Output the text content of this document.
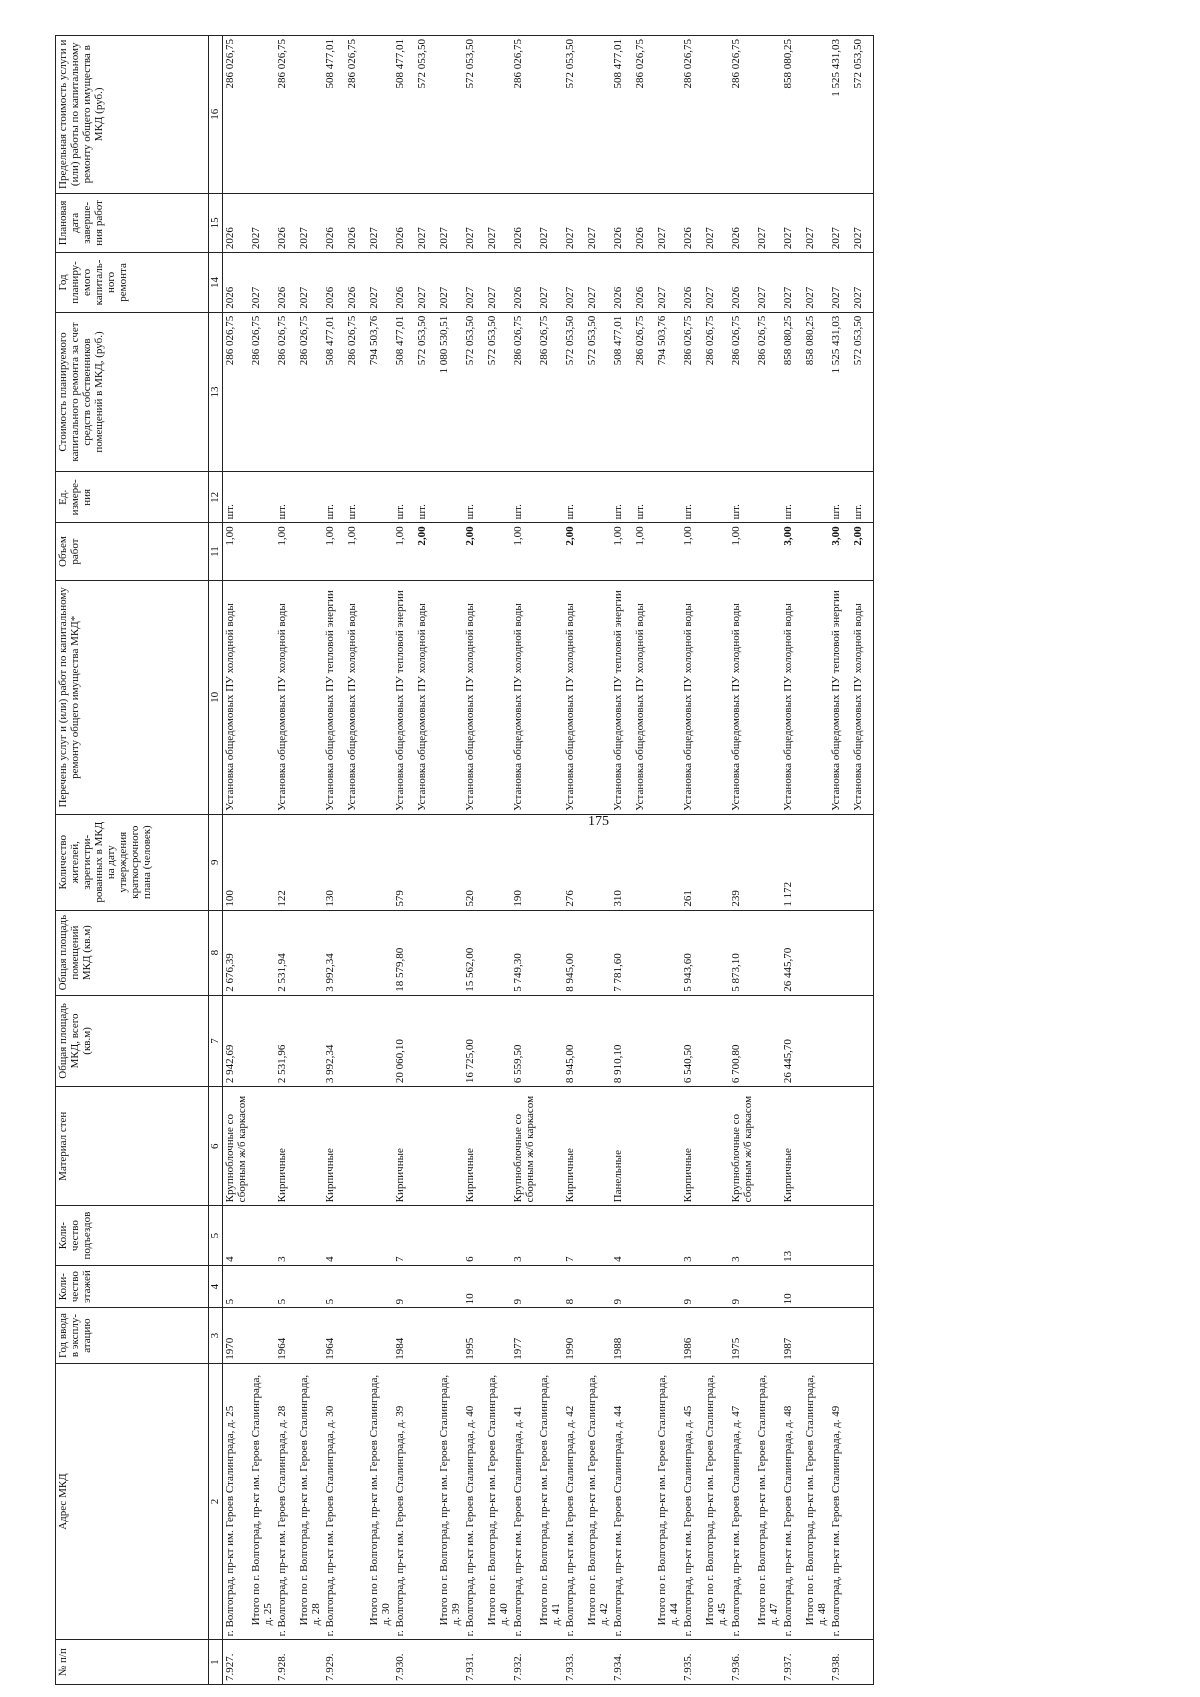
175
№ п/п	Адрес МКД	Год ввода в эксплу-атацию	Коли-чество этажей	Коли-чество подъездов	Материал стен	Общая площадь МКД, всего (кв.м)	Общая площадь помещений МКД (кв.м)	Количество жителей, зарегистри-рованных в МКД на дату утверждения краткосрочного плана (человек)	Перечень услуг и (или) работ по капитальному ремонту общего имущества МКД*	Объем работ	Ед. измере-ния	Стоимость планируемого капитального ремонта за счет средств собственников помещений в МКД, (руб.)	Год планиру-емого капиталь-ного ремонта	Плановая дата заверше-ния работ	Предельная стоимость услуги и (или) работы по капитальному ремонту общего имущества в МКД (руб.)
1	2	3	4	5	6	7	8	9	10	11	12	13	14	15	16
7.927.	г. Волгоград, пр-кт им. Героев Сталинграда, д. 25	1970	5	4	Крупноблочные со сборным ж/б каркасом	2 942,69	2 676,39	100	Установка общедомовых ПУ холодной воды	1,00	шт.	286 026,75	2026	2026	286 026,75
	Итого по г. Волгоград, пр-кт им. Героев Сталинграда, д. 25											286 026,75	2027	2027	
7.928.	г. Волгоград, пр-кт им. Героев Сталинграда, д. 28	1964	5	3	Кирпичные	2 531,96	2 531,94	122	Установка общедомовых ПУ холодной воды	1,00	шт.	286 026,75	2026	2026	286 026,75
	Итого по г. Волгоград, пр-кт им. Героев Сталинграда, д. 28											286 026,75	2027	2027	
7.929.	г. Волгоград, пр-кт им. Героев Сталинграда, д. 30	1964	5	4	Кирпичные	3 992,34	3 992,34	130	Установка общедомовых ПУ тепловой энергии	1,00	шт.	508 477,01	2026	2026	508 477,01
									Установка общедомовых ПУ холодной воды	1,00	шт.	286 026,75	2026	2026	286 026,75
	Итого по г. Волгоград, пр-кт им. Героев Сталинграда, д. 30											794 503,76	2027	2027	
7.930.	г. Волгоград, пр-кт им. Героев Сталинграда, д. 39	1984	9	7	Кирпичные	20 060,10	18 579,80	579	Установка общедомовых ПУ тепловой энергии	1,00	шт.	508 477,01	2026	2026	508 477,01
									Установка общедомовых ПУ холодной воды	2,00	шт.	572 053,50	2027	2027	572 053,50
	Итого по г. Волгоград, пр-кт им. Героев Сталинграда, д. 39											1 080 530,51	2027	2027	
7.931.	г. Волгоград, пр-кт им. Героев Сталинграда, д. 40	1995	10	6	Кирпичные	16 725,00	15 562,00	520	Установка общедомовых ПУ холодной воды	2,00	шт.	572 053,50	2027	2027	572 053,50
	Итого по г. Волгоград, пр-кт им. Героев Сталинграда, д. 40											572 053,50	2027	2027	
7.932.	г. Волгоград, пр-кт им. Героев Сталинграда, д. 41	1977	9	3	Крупноблочные со сборным ж/б каркасом	6 559,50	5 749,30	190	Установка общедомовых ПУ холодной воды	1,00	шт.	286 026,75	2026	2026	286 026,75
	Итого по г. Волгоград, пр-кт им. Героев Сталинграда, д. 41											286 026,75	2027	2027	
7.933.	г. Волгоград, пр-кт им. Героев Сталинграда, д. 42	1990	8	7	Кирпичные	8 945,00	8 945,00	276	Установка общедомовых ПУ холодной воды	2,00	шт.	572 053,50	2027	2027	572 053,50
	Итого по г. Волгоград, пр-кт им. Героев Сталинграда, д. 42											572 053,50	2027	2027	
7.934.	г. Волгоград, пр-кт им. Героев Сталинграда, д. 44	1988	9	4	Панельные	8 910,10	7 781,60	310	Установка общедомовых ПУ тепловой энергии	1,00	шт.	508 477,01	2026	2026	508 477,01
									Установка общедомовых ПУ холодной воды	1,00	шт.	286 026,75	2026	2026	286 026,75
	Итого по г. Волгоград, пр-кт им. Героев Сталинграда, д. 44											794 503,76	2027	2027	
7.935.	г. Волгоград, пр-кт им. Героев Сталинграда, д. 45	1986	9	3	Кирпичные	6 540,50	5 943,60	261	Установка общедомовых ПУ холодной воды	1,00	шт.	286 026,75	2026	2026	286 026,75
	Итого по г. Волгоград, пр-кт им. Героев Сталинграда, д. 45											286 026,75	2027	2027	
7.936.	г. Волгоград, пр-кт им. Героев Сталинграда, д. 47	1975	9	3	Крупноблочные со сборным ж/б каркасом	6 700,80	5 873,10	239	Установка общедомовых ПУ холодной воды	1,00	шт.	286 026,75	2026	2026	286 026,75
	Итого по г. Волгоград, пр-кт им. Героев Сталинграда, д. 47											286 026,75	2027	2027	
7.937.	г. Волгоград, пр-кт им. Героев Сталинграда, д. 48	1987	10	13	Кирпичные	26 445,70	26 445,70	1 172	Установка общедомовых ПУ холодной воды	3,00	шт.	858 080,25	2027	2027	858 080,25
	Итого по г. Волгоград, пр-кт им. Героев Сталинграда, д. 48											858 080,25	2027	2027	
7.938.	г. Волгоград, пр-кт им. Героев Сталинграда, д. 49								Установка общедомовых ПУ тепловой энергии	3,00	шт.	1 525 431,03	2027	2027	1 525 431,03
									Установка общедомовых ПУ холодной воды	2,00	шт.	572 053,50	2027	2027	572 053,50
